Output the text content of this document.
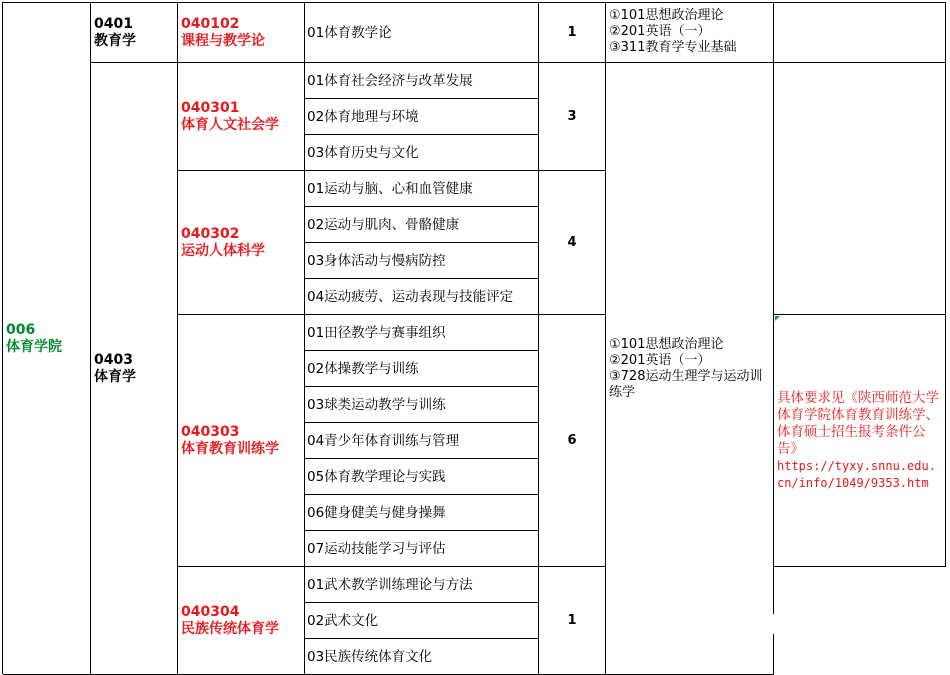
006
体育学院
0401
教育学
0403
体育学
040102
课程与教学论
040301
体育人文社会学
040302
运动人体科学
040303
体育教育训练学
040304
民族传统体育学
01体育教学论
01体育社会经济与改革发展
02体育地理与环境
03体育历史与文化
01运动与脑、心和血管健康
02运动与肌肉、骨骼健康
03身体活动与慢病防控
04运动疲劳、运动表现与技能评定
01田径教学与赛事组织
02体操教学与训练
03球类运动教学与训练
04青少年体育训练与管理
05体育教学理论与实践
06健身健美与健身操舞
07运动技能学习与评估
01武术教学训练理论与方法
02武术文化
03民族传统体育文化
1
3
4
6
1
①101思想政治理论
②201英语（一）
③311教育学专业基础
①101思想政治理论
②201英语（一）
③728运动生理学与运动训练学	具体要求见《陕西师范大学体育学院体育教育训练学、体育硕士招生报考条件公告》
https://tyxy.snnu.edu.cn/info/1049/9353.htm
